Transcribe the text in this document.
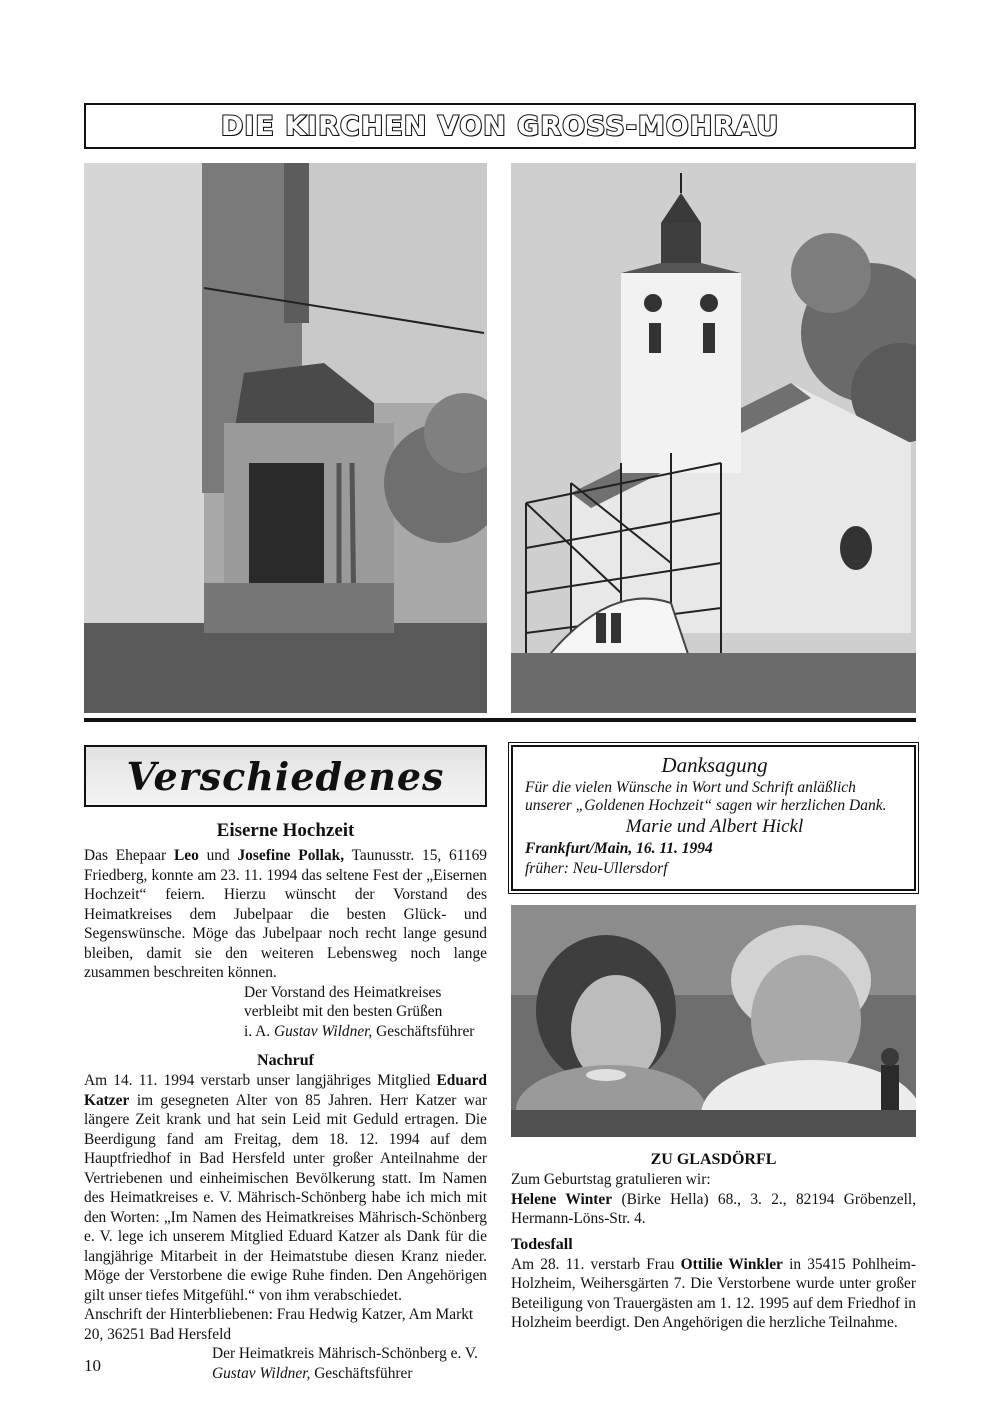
DIE KIRCHEN VON GROSS-MOHRAU
Verschiedenes	Danksagung
Für die vielen Wünsche in Wort und Schrift anläßlich unserer „Goldenen Hochzeit“ sagen wir herzlichen Dank.
Marie und Albert Hickl
Frankfurt/Main, 16. 11. 1994
früher: Neu-Ullersdorf
Eiserne Hochzeit
Das Ehepaar Leo und Josefine Pollak, Taunusstr. 15, 61169 Friedberg, konnte am 23. 11. 1994 das seltene Fest der „Eisernen Hochzeit“ feiern. Hierzu wünscht der Vorstand des Heimatkreises dem Jubelpaar die besten Glück- und Segenswünsche. Möge das Jubelpaar noch recht lange gesund bleiben, damit sie den weiteren Lebensweg noch lange zusammen beschreiten können.
Der Vorstand des Heimatkreises
verbleibt mit den besten Grüßen
i. A. Gustav Wildner, Geschäftsführer
Nachruf
Am 14. 11. 1994 verstarb unser langjähriges Mitglied Eduard Katzer im gesegneten Alter von 85 Jahren. Herr Katzer war längere Zeit krank und hat sein Leid mit Geduld ertragen. Die Beerdigung fand am Freitag, dem 18. 12. 1994 auf dem Hauptfriedhof in Bad Hersfeld unter großer Anteilnahme der Vertriebenen und einheimischen Bevölkerung statt. Im Namen des Heimatkreises e. V. Mährisch-Schönberg habe ich mich mit den Worten: „Im Namen des Heimatkreises Mährisch-Schönberg e. V. lege ich unserem Mitglied Eduard Katzer als Dank für die langjährige Mitarbeit in der Heimatstube diesen Kranz nieder. Möge der Verstorbene die ewige Ruhe finden. Den Angehörigen gilt unser tiefes Mitgefühl.“ von ihm verabschiedet.
Anschrift der Hinterbliebenen: Frau Hedwig Katzer, Am Markt 20, 36251 Bad Hersfeld
Der Heimatkreis Mährisch-Schönberg e. V.
Gustav Wildner, Geschäftsführer
ZU GLASDÖRFL
Zum Geburtstag gratulieren wir:
Helene Winter (Birke Hella) 68., 3. 2., 82194 Gröbenzell, Hermann-Löns-Str. 4.
Todesfall
Am 28. 11. verstarb Frau Ottilie Winkler in 35415 Pohlheim-Holzheim, Weihersgärten 7. Die Verstorbene wurde unter großer Beteiligung von Trauergästen am 1. 12. 1995 auf dem Friedhof in Holzheim beerdigt. Den Angehörigen die herzliche Teilnahme.
10
